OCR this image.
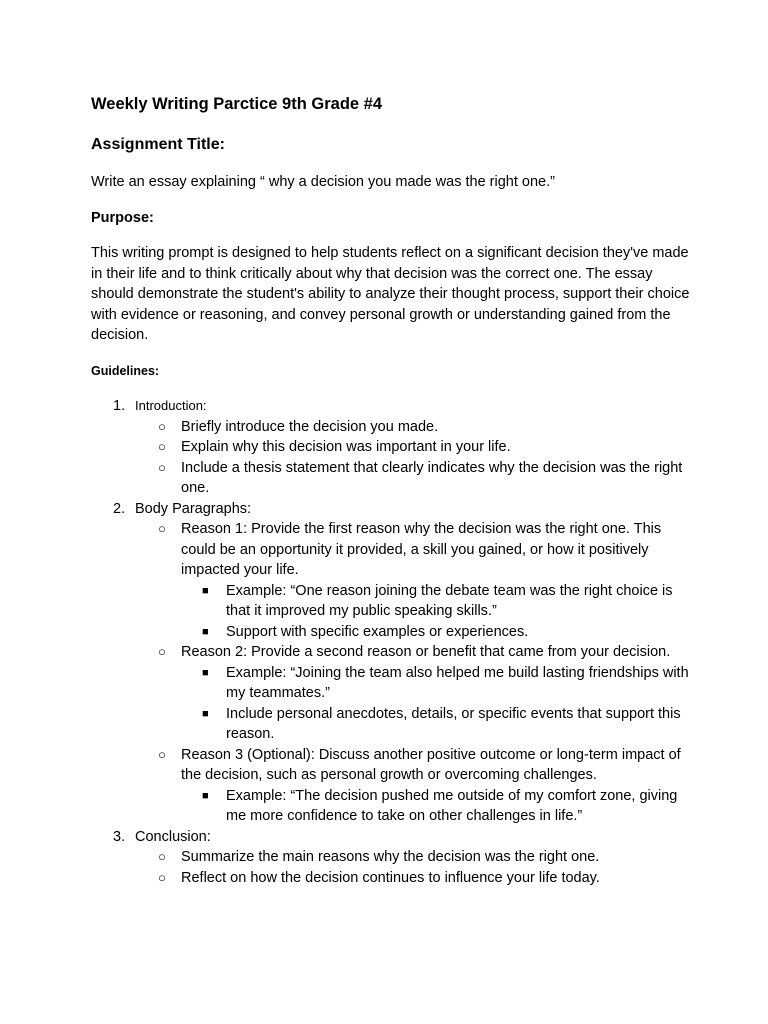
Weekly Writing Parctice 9th Grade #4
Assignment Title:

Write an essay explaining “ why a decision you made was the right one.”

Purpose:

This writing prompt is designed to help students reflect on a significant decision they've made in their life and to think critically about why that decision was the correct one. The essay should demonstrate the student's ability to analyze their thought process, support their choice with evidence or reasoning, and convey personal growth or understanding gained from the decision.

Guidelines:
1. Introduction:
○ Briefly introduce the decision you made.
○ Explain why this decision was important in your life.
○ Include a thesis statement that clearly indicates why the decision was the right one.
2. Body Paragraphs:
○ Reason 1: Provide the first reason why the decision was the right one. This could be an opportunity it provided, a skill you gained, or how it positively impacted your life.
■ Example: “One reason joining the debate team was the right choice is that it improved my public speaking skills.”
■ Support with specific examples or experiences.
○ Reason 2: Provide a second reason or benefit that came from your decision.
■ Example: “Joining the team also helped me build lasting friendships with my teammates.”
■ Include personal anecdotes, details, or specific events that support this reason.
○ Reason 3 (Optional): Discuss another positive outcome or long-term impact of the decision, such as personal growth or overcoming challenges.
■ Example: “The decision pushed me outside of my comfort zone, giving me more confidence to take on other challenges in life.”
3. Conclusion:
○ Summarize the main reasons why the decision was the right one.
○ Reflect on how the decision continues to influence your life today.
